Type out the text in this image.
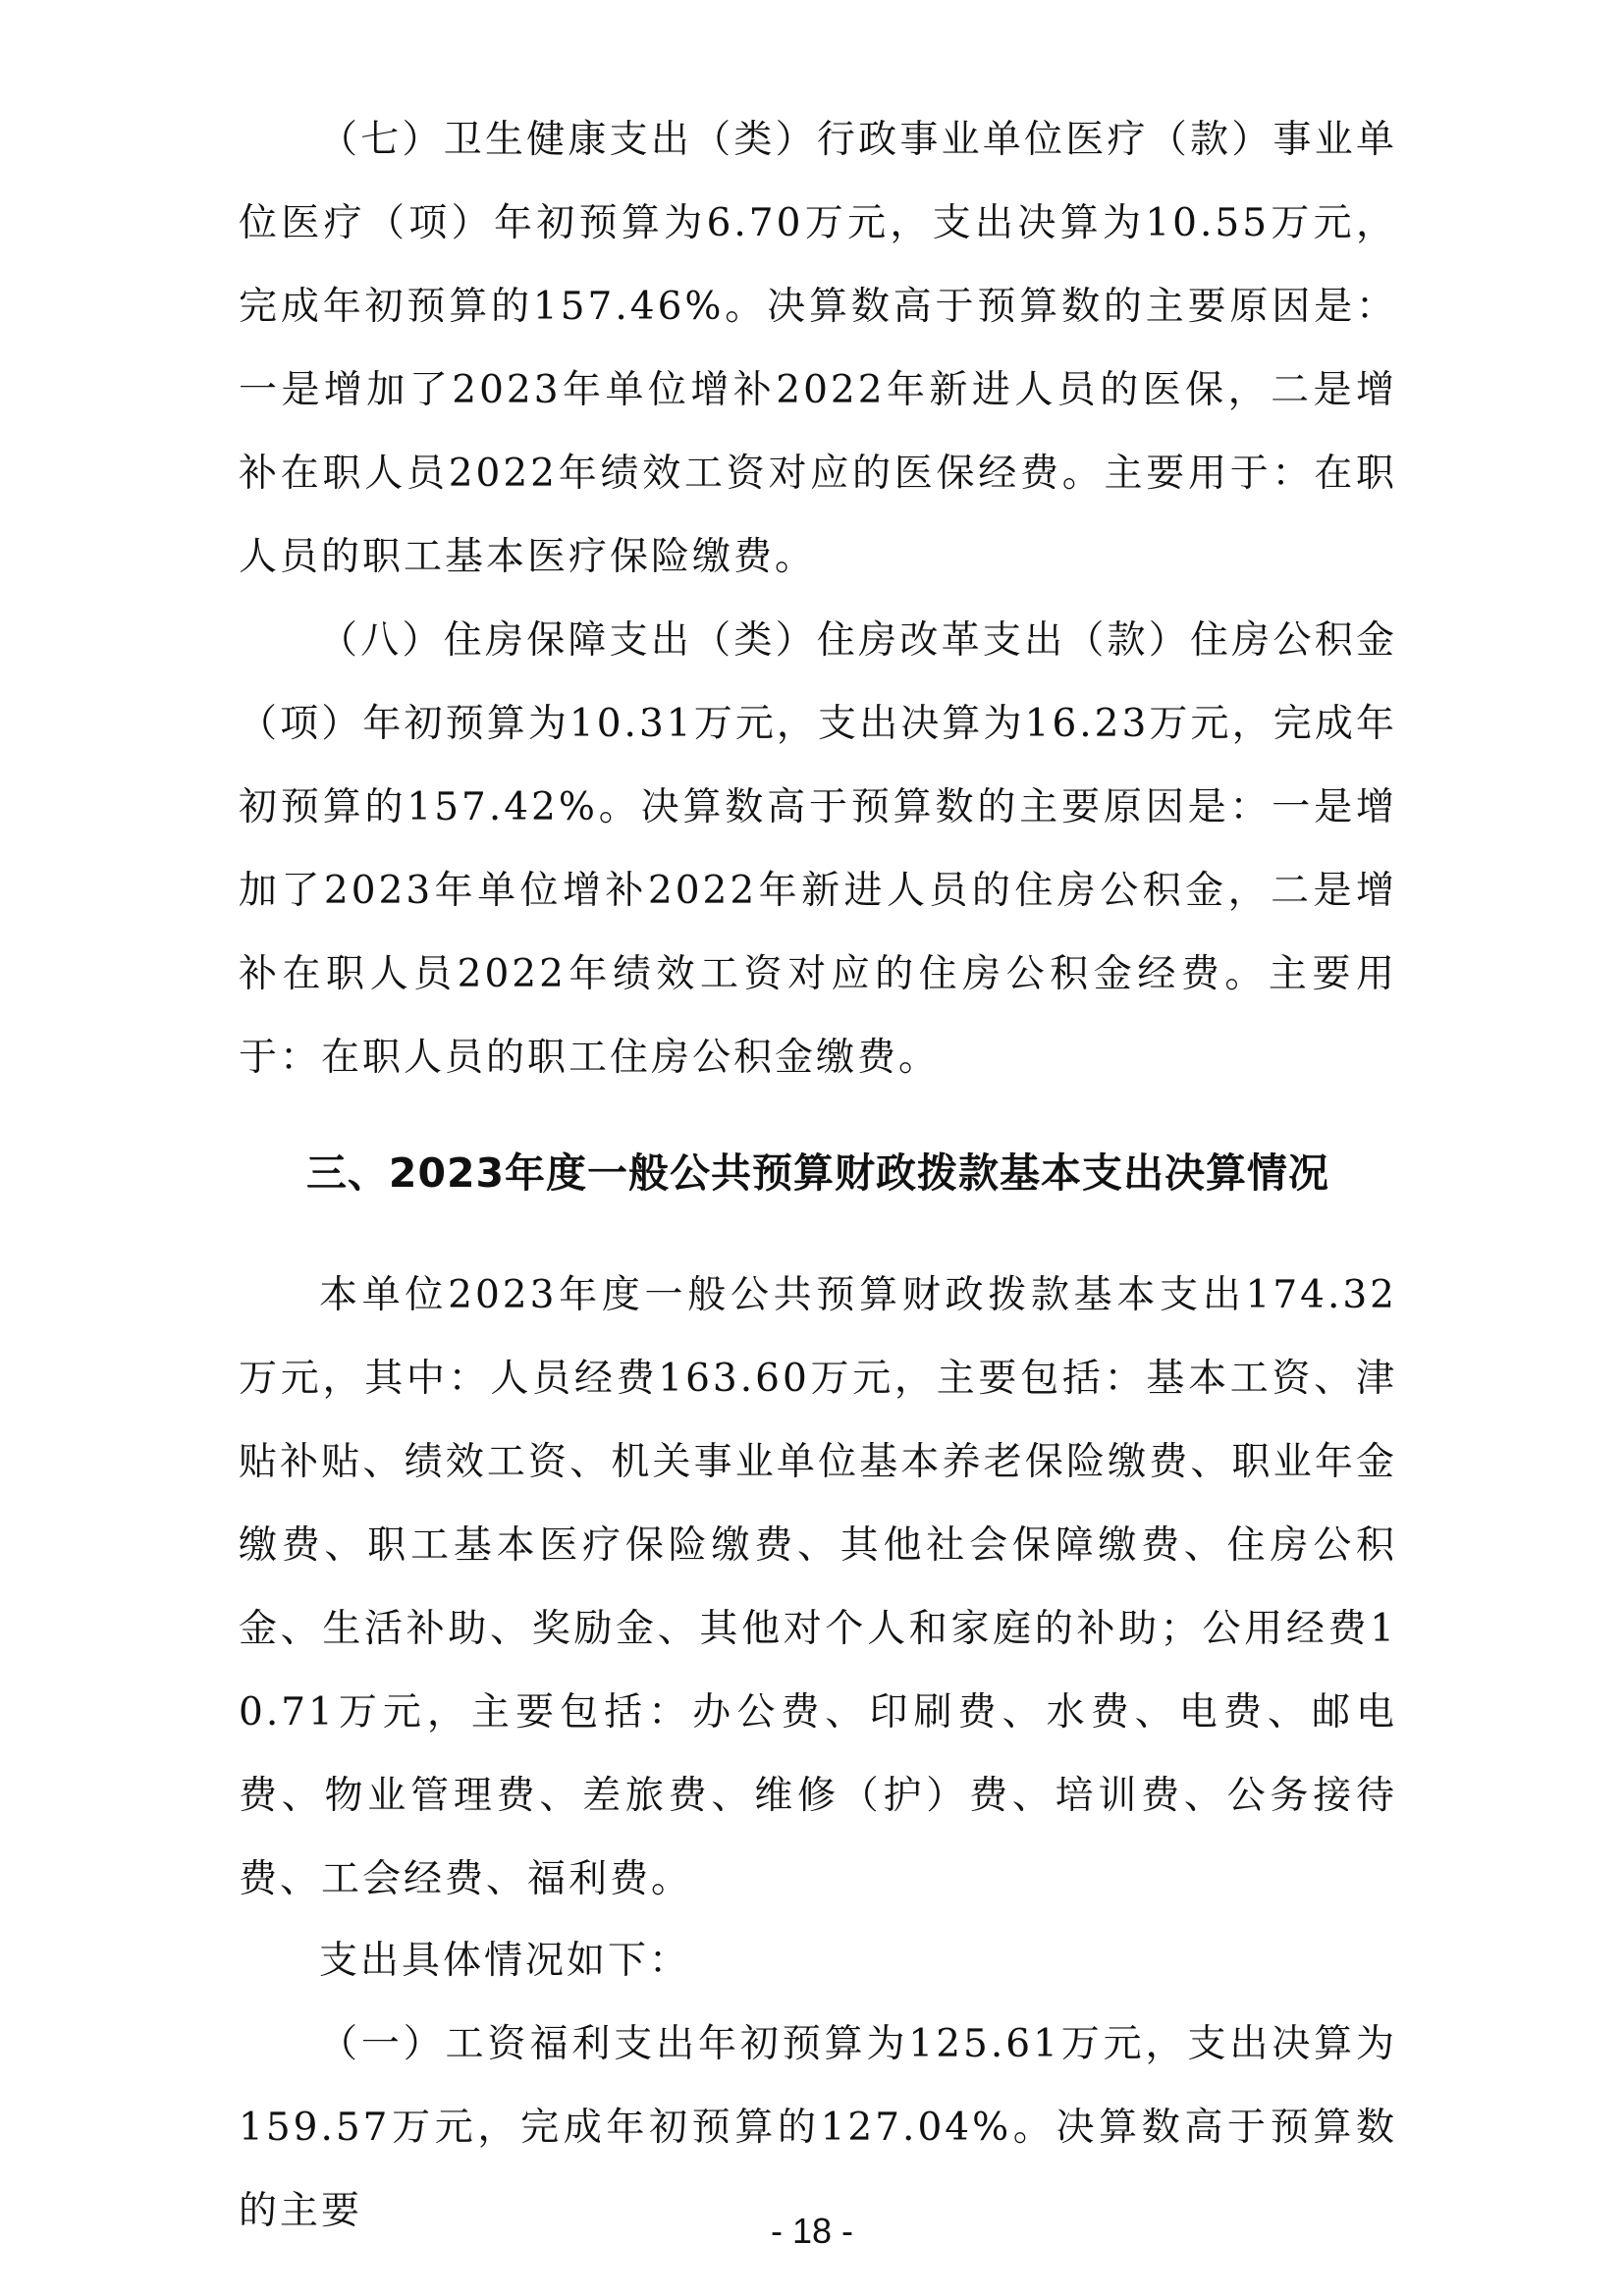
（七）卫生健康支出（类）行政事业单位医疗（款）事业单位医疗（项）年初预算为6.70万元，支出决算为10.55万元，完成年初预算的157.46%。决算数高于预算数的主要原因是：一是增加了2023年单位增补2022年新进人员的医保，二是增补在职人员2022年绩效工资对应的医保经费。主要用于：在职人员的职工基本医疗保险缴费。

（八）住房保障支出（类）住房改革支出（款）住房公积金（项）年初预算为10.31万元，支出决算为16.23万元，完成年初预算的157.42%。决算数高于预算数的主要原因是：一是增加了2023年单位增补2022年新进人员的住房公积金，二是增补在职人员2022年绩效工资对应的住房公积金经费。主要用于：在职人员的职工住房公积金缴费。

三、2023年度一般公共预算财政拨款基本支出决算情况

本单位2023年度一般公共预算财政拨款基本支出174.32万元，其中：人员经费163.60万元，主要包括：基本工资、津贴补贴、绩效工资、机关事业单位基本养老保险缴费、职业年金缴费、职工基本医疗保险缴费、其他社会保障缴费、住房公积金、生活补助、奖励金、其他对个人和家庭的补助；公用经费10.71万元，主要包括：办公费、印刷费、水费、电费、邮电费、物业管理费、差旅费、维修（护）费、培训费、公务接待费、工会经费、福利费。

支出具体情况如下：

（一）工资福利支出年初预算为125.61万元，支出决算为159.57万元，完成年初预算的127.04%。决算数高于预算数的主要	- 18 -
